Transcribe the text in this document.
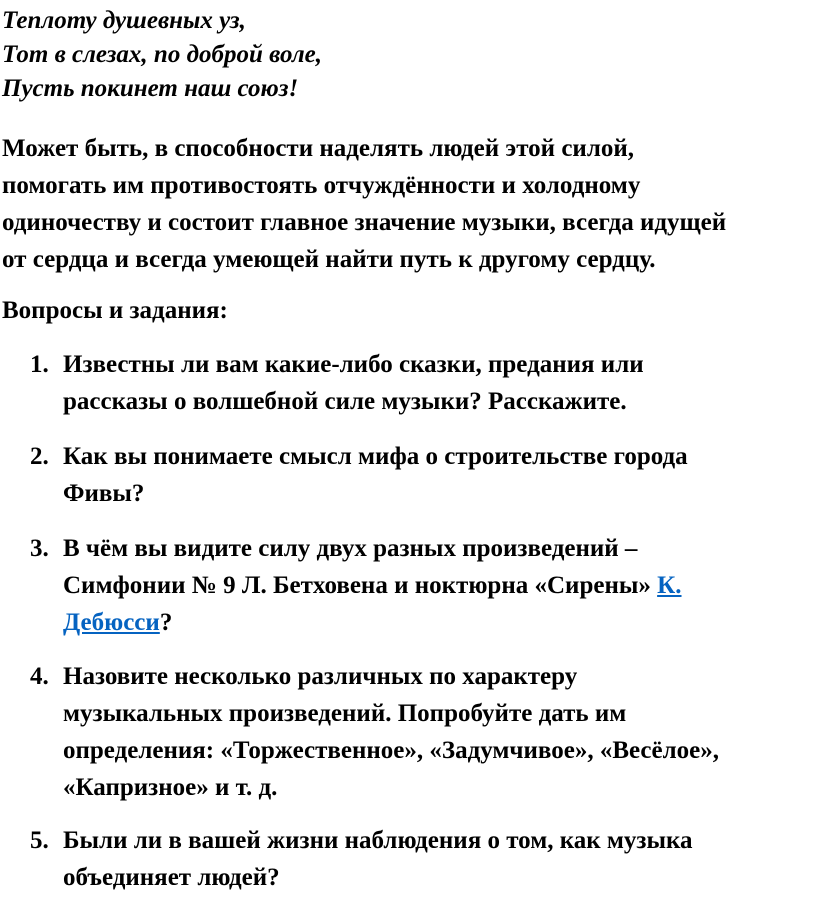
Теплоту душевных уз,
Тот в слезах, по доброй воле,
Пусть покинет наш союз!
Может быть, в способности наделять людей этой силой,
помогать им противостоять отчуждённости и холодному
одиночеству и состоит главное значение музыки, всегда идущей
от сердца и всегда умеющей найти путь к другому сердцу.
Вопросы и задания:
1. Известны ли вам какие-либо сказки, предания или
рассказы о волшебной силе музыки? Расскажите.
2. Как вы понимаете смысл мифа о строительстве города
Фивы?
3. В чём вы видите силу двух разных произведений –
Симфонии № 9 Л. Бетховена и ноктюрна «Сирены» К.
Дебюсси?
4. Назовите несколько различных по характеру
музыкальных произведений. Попробуйте дать им
определения: «Торжественное», «Задумчивое», «Весёлое»,
«Капризное» и т. д.
5. Были ли в вашей жизни наблюдения о том, как музыка
объединяет людей?
